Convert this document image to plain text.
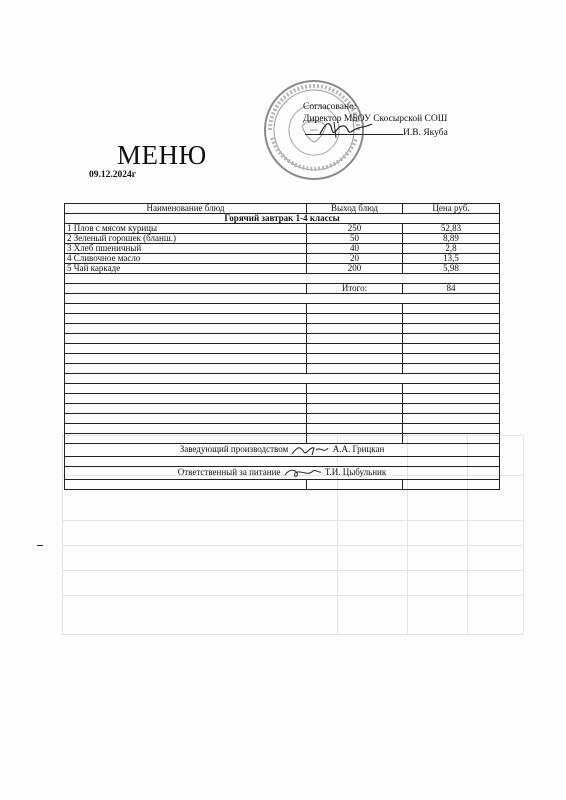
Согласовано:
Директор МБОУ Скосырской СОШ
И.В. Якуба
МЕНЮ
09.12.2024г
Наименование блюд	Выход блюд	Цена руб.
Горячий завтрак 1-4 классы		
1 Плов с мясом курицы	250	52,83
2 Зеленый горошек (бланш.)	50	8,89
3 Хлеб пшеничный	40	2,8
4 Сливочное масло	20	13,5
5 Чай каркаде	200	5,98

	Итого:	84

Заведующий производством А.А. Грицкан		

Ответственный за питание Т.И. Цыбульник		
